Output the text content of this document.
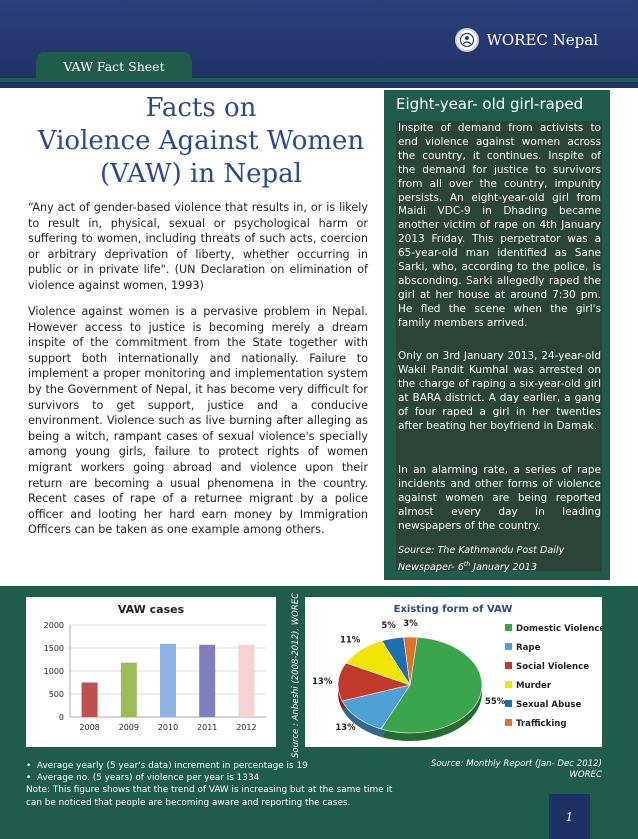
WOREC Nepal
VAW Fact Sheet
Facts on
Violence Against Women
(VAW) in Nepal
“Any act of gender-based violence that results in, or is likely to result in, physical, sexual or psychological harm or suffering to women, including threats of such acts, coercion or arbitrary deprivation of liberty, whether occurring in public or in private life". (UN Declaration on elimination of violence against women, 1993)
Violence against women is a pervasive problem in Nepal. However access to justice is becoming merely a dream inspite of the commitment from the State together with support both internationally and nationally. Failure to implement a proper monitoring and implementation system by the Government of Nepal, it has become very difficult for survivors to get support, justice and a conducive environment. Violence such as live burning after alleging as being a witch, rampant cases of sexual violence's specially among young girls, failure to protect rights of women migrant workers going abroad and violence upon their return are becoming a usual phenomena in the country. Recent cases of rape of a returnee migrant by a police officer and looting her hard earn money by Immigration Officers can be taken as one example among others.
Eight-year- old girl-raped
Inspite of demand from activists to end violence against women across the country, it continues. Inspite of the demand for justice to survivors from all over the country, impunity persists. An eight-year-old girl from Maidi VDC-9 in Dhading became another victim of rape on 4th January 2013 Friday. This perpetrator was a 65-year-old man identified as Sane Sarki, who, according to the police, is absconding. Sarki allegedly raped the girl at her house at around 7:30 pm. He fled the scene when the girl's family members arrived.
Only on 3rd January 2013, 24-year-old Wakil Pandit Kumhal was arrested on the charge of raping a six-year-old girl at BARA district. A day earlier, a gang of four raped a girl in her twenties after beating her boyfriend in Damak.
In an alarming rate, a series of rape incidents and other forms of violence against women are being reported almost every day in leading newspapers of the country.
Source: The Kathmandu Post Daily
Newspaper- 6th January 2013
VAW cases
0
500
1000
1500
2000
2008 2009 2010 2011 2012	Source : Anbeshi (2008-2012), WOREC	Existing form of VAW
55%
13%
13%
11%
5% 3%	Domestic Violence
Rape
Social Violence
Murder
Sexual Abuse
Trafficking
•  Average yearly (5 year's data) increment in percentage is 19
•  Average no. (5 years) of violence per year is 1334
Note: This figure shows that the trend of VAW is increasing but at the same time it
can be noticed that people are becoming aware and reporting the cases.
Source: Monthly Report (Jan- Dec 2012)
WOREC
1
